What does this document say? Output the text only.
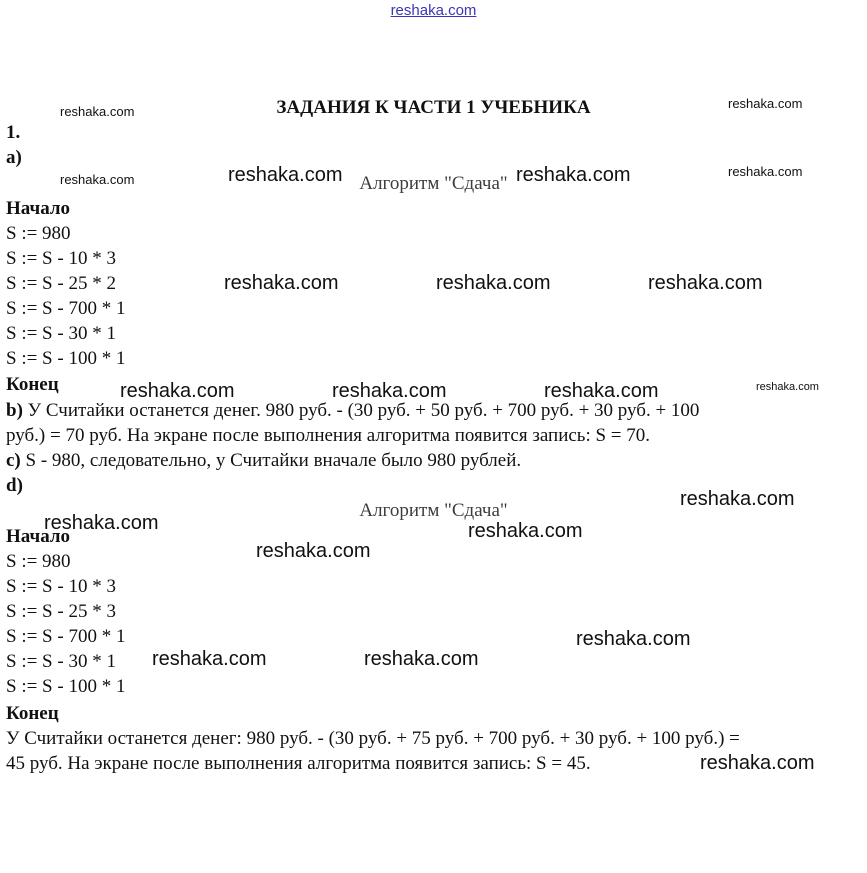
reshaka.com
ЗАДАНИЯ К ЧАСТИ 1 УЧЕБНИКА
1.
а)
Алгоритм "Сдача"
Начало
S := 980
S := S - 10 * 3
S := S - 25 * 2
S := S - 700 * 1
S := S - 30 * 1
S := S - 100 * 1
Конец
b) У Считайки останется денег. 980 руб. - (30 руб. + 50 руб. + 700 руб. + 30 руб. + 100
руб.) = 70 руб. На экране после выполнения алгоритма появится запись: S = 70.
c) S - 980, следовательно, у Считайки вначале было 980 рублей.
d)
Алгоритм "Сдача"
Начало
S := 980
S := S - 10 * 3
S := S - 25 * 3
S := S - 700 * 1
S := S - 30 * 1
S := S - 100 * 1
Конец
У Считайки останется денег: 980 руб. - (30 руб. + 75 руб. + 700 руб. + 30 руб. + 100 руб.) =
45 руб. На экране после выполнения алгоритма появится запись: S = 45.
reshaka.com
reshaka.com
reshaka.com
reshaka.com
reshaka.com	reshaka.com
reshaka.com	reshaka.com	reshaka.com
reshaka.com	reshaka.com	reshaka.com	reshaka.com
reshaka.com
reshaka.com	reshaka.com
reshaka.com
reshaka.com
reshaka.com	reshaka.com
reshaka.com
